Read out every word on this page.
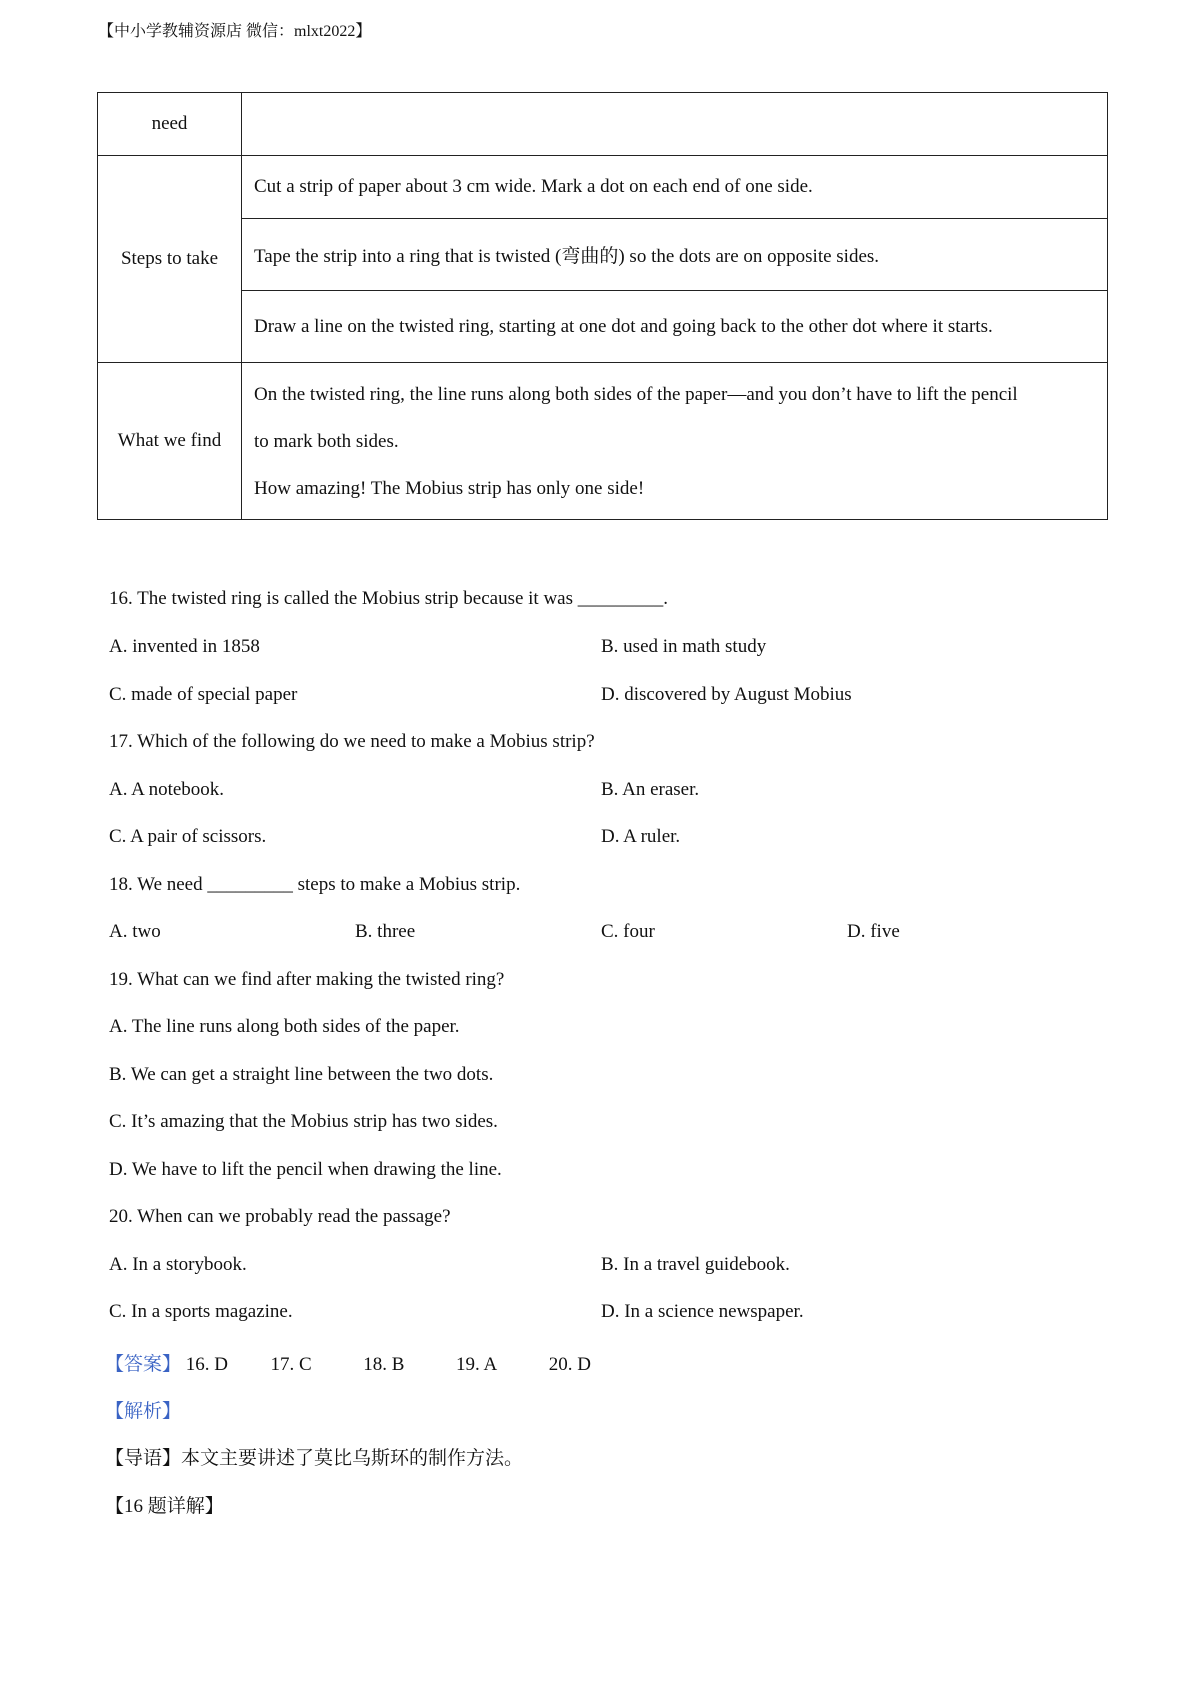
【中小学教辅资源店 微信：mlxt2022】
need	
Steps to take	Cut a strip of paper about 3 cm wide. Mark a dot on each end of one side.
	Tape the strip into a ring that is twisted (弯曲的) so the dots are on opposite sides.
	Draw a line on the twisted ring, starting at one dot and going back to the other dot where it starts.
What we find	On the twisted ring, the line runs along both sides of the paper—and you don’t have to lift the pencil
to mark both sides.
How amazing! The Mobius strip has only one side!
16. The twisted ring is called the Mobius strip because it was _________.
A. invented in 1858	B. used in math study
C. made of special paper	D. discovered by August Mobius
17. Which of the following do we need to make a Mobius strip?
A. A notebook.	B. An eraser.
C. A pair of scissors.	D. A ruler.
18. We need _________ steps to make a Mobius strip.
A. two	B. three	C. four	D. five
19. What can we find after making the twisted ring?
A. The line runs along both sides of the paper.
B. We can get a straight line between the two dots.
C. It’s amazing that the Mobius strip has two sides.
D. We have to lift the pencil when drawing the line.
20. When can we probably read the passage?
A. In a storybook.	B. In a travel guidebook.
C. In a sports magazine.	D. In a science newspaper.
【答案】 16. D 17. C	18. B	19. A	20. D
【解析】
【导语】本文主要讲述了莫比乌斯环的制作方法。
【16 题详解】
